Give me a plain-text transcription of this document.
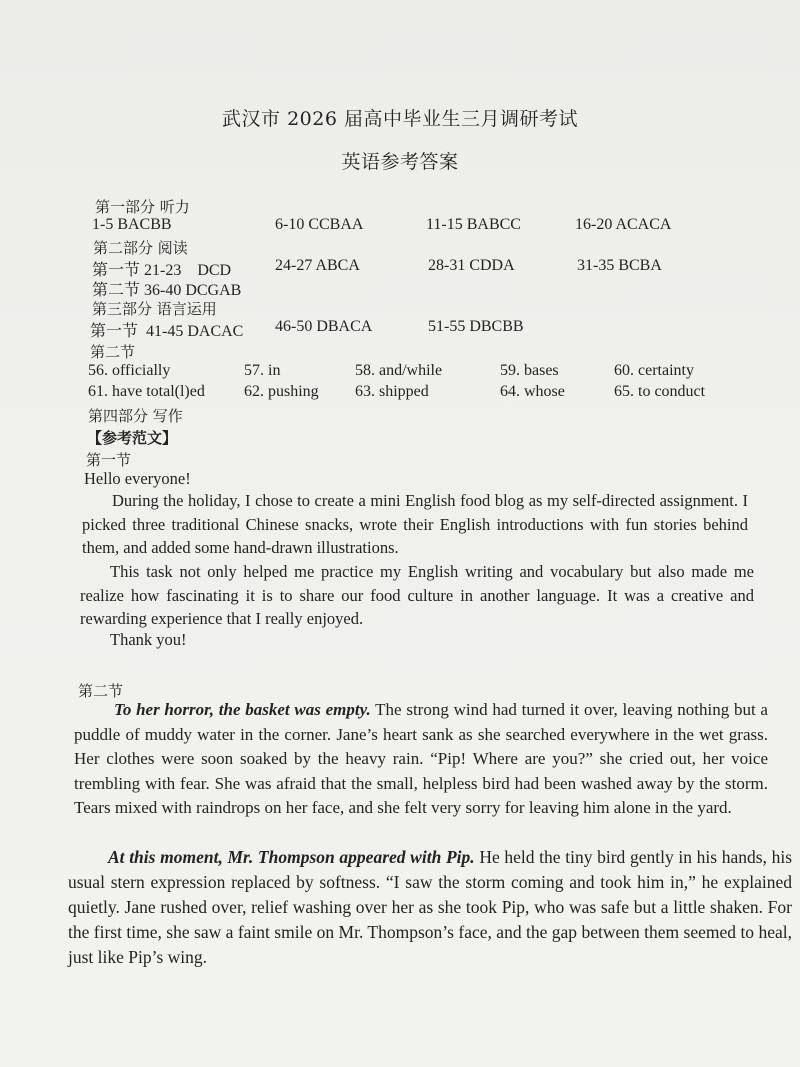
武汉市 2026 届高中毕业生三月调研考试
英语参考答案
第一部分 听力
1-5 BACBB	6-10 CCBAA	11-15 BABCC	16-20 ACACA
第二部分 阅读
第一节 21-23    DCD	24-27 ABCA	28-31 CDDA	31-35 BCBA
第二节 36-40 DCGAB
第三部分 语言运用
第一节  41-45 DACAC 46-50 DBACA	51-55 DBCBB
第二节
56. officially	57. in	58. and/while	59. bases	60. certainty
61. have total(l)ed 62. pushing 63. shipped	64. whose	65. to conduct
第四部分 写作
【参考范文】
第一节
Hello everyone!

During the holiday, I chose to create a mini English food blog as my self-directed assignment. I picked three traditional Chinese snacks, wrote their English introductions with fun stories behind them, and added some hand-drawn illustrations.

This task not only helped me practice my English writing and vocabulary but also made me realize how fascinating it is to share our food culture in another language. It was a creative and rewarding experience that I really enjoyed.

Thank you!
第二节

To her horror, the basket was empty. The strong wind had turned it over, leaving nothing but a puddle of muddy water in the corner. Jane’s heart sank as she searched everywhere in the wet grass. Her clothes were soon soaked by the heavy rain. “Pip! Where are you?” she cried out, her voice trembling with fear. She was afraid that the small, helpless bird had been washed away by the storm. Tears mixed with raindrops on her face, and she felt very sorry for leaving him alone in the yard.

At this moment, Mr. Thompson appeared with Pip. He held the tiny bird gently in his hands, his usual stern expression replaced by softness. “I saw the storm coming and took him in,” he explained quietly. Jane rushed over, relief washing over her as she took Pip, who was safe but a little shaken. For the first time, she saw a faint smile on Mr. Thompson’s face, and the gap between them seemed to heal, just like Pip’s wing.
